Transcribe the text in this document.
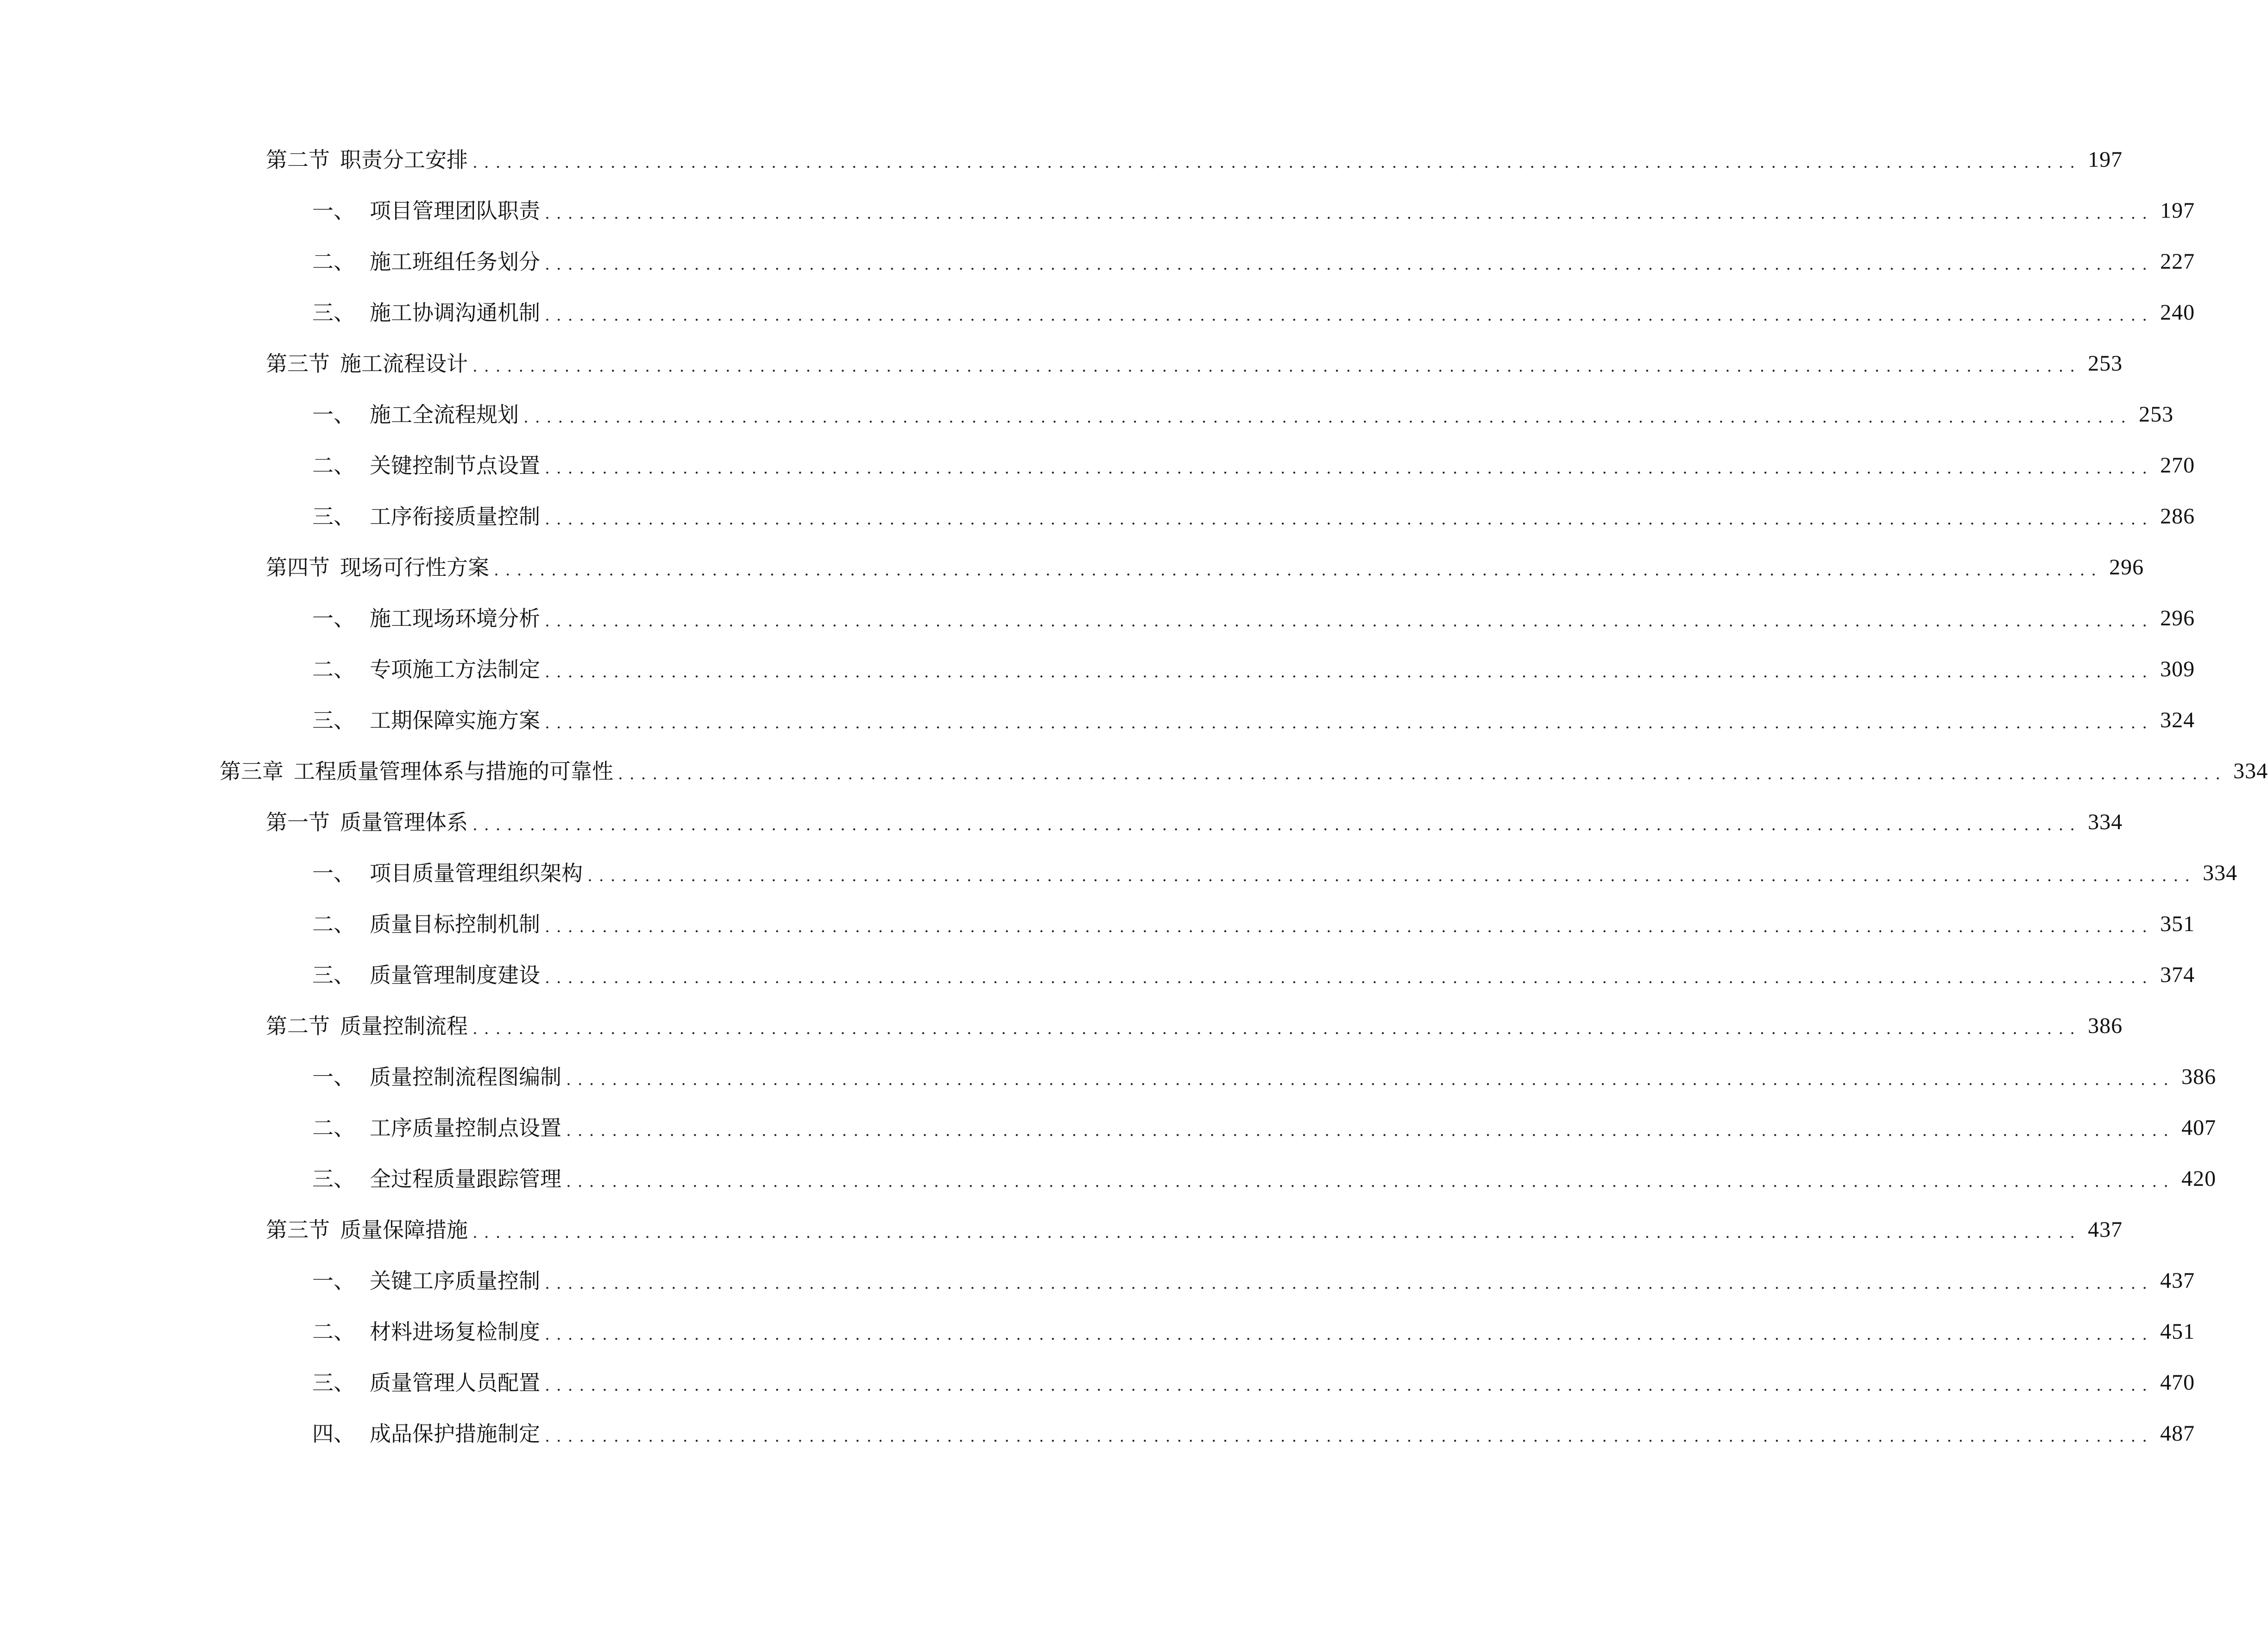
第二节 职责分工安排 ............................................................................................................................................ 197
一、 项目管理团队职责 ............................................................................................................................................ 197
二、 施工班组任务划分 ............................................................................................................................................ 227
三、 施工协调沟通机制 ............................................................................................................................................ 240
第三节 施工流程设计 ............................................................................................................................................ 253
一、 施工全流程规划 ............................................................................................................................................ 253
二、 关键控制节点设置 ............................................................................................................................................ 270
三、 工序衔接质量控制 ............................................................................................................................................ 286
第四节 现场可行性方案 ............................................................................................................................................ 296
一、 施工现场环境分析 ............................................................................................................................................ 296
二、 专项施工方法制定 ............................................................................................................................................ 309
三、 工期保障实施方案 ............................................................................................................................................ 324
第三章 工程质量管理体系与措施的可靠性 ............................................................................................................................................ 334
第一节 质量管理体系 ............................................................................................................................................ 334
一、 项目质量管理组织架构 ............................................................................................................................................ 334
二、 质量目标控制机制 ............................................................................................................................................ 351
三、 质量管理制度建设 ............................................................................................................................................ 374
第二节 质量控制流程 ............................................................................................................................................ 386
一、 质量控制流程图编制 ............................................................................................................................................ 386
二、 工序质量控制点设置 ............................................................................................................................................ 407
三、 全过程质量跟踪管理 ............................................................................................................................................ 420
第三节 质量保障措施 ............................................................................................................................................ 437
一、 关键工序质量控制 ............................................................................................................................................ 437
二、 材料进场复检制度 ............................................................................................................................................ 451
三、 质量管理人员配置 ............................................................................................................................................ 470
四、 成品保护措施制定 ............................................................................................................................................ 487
